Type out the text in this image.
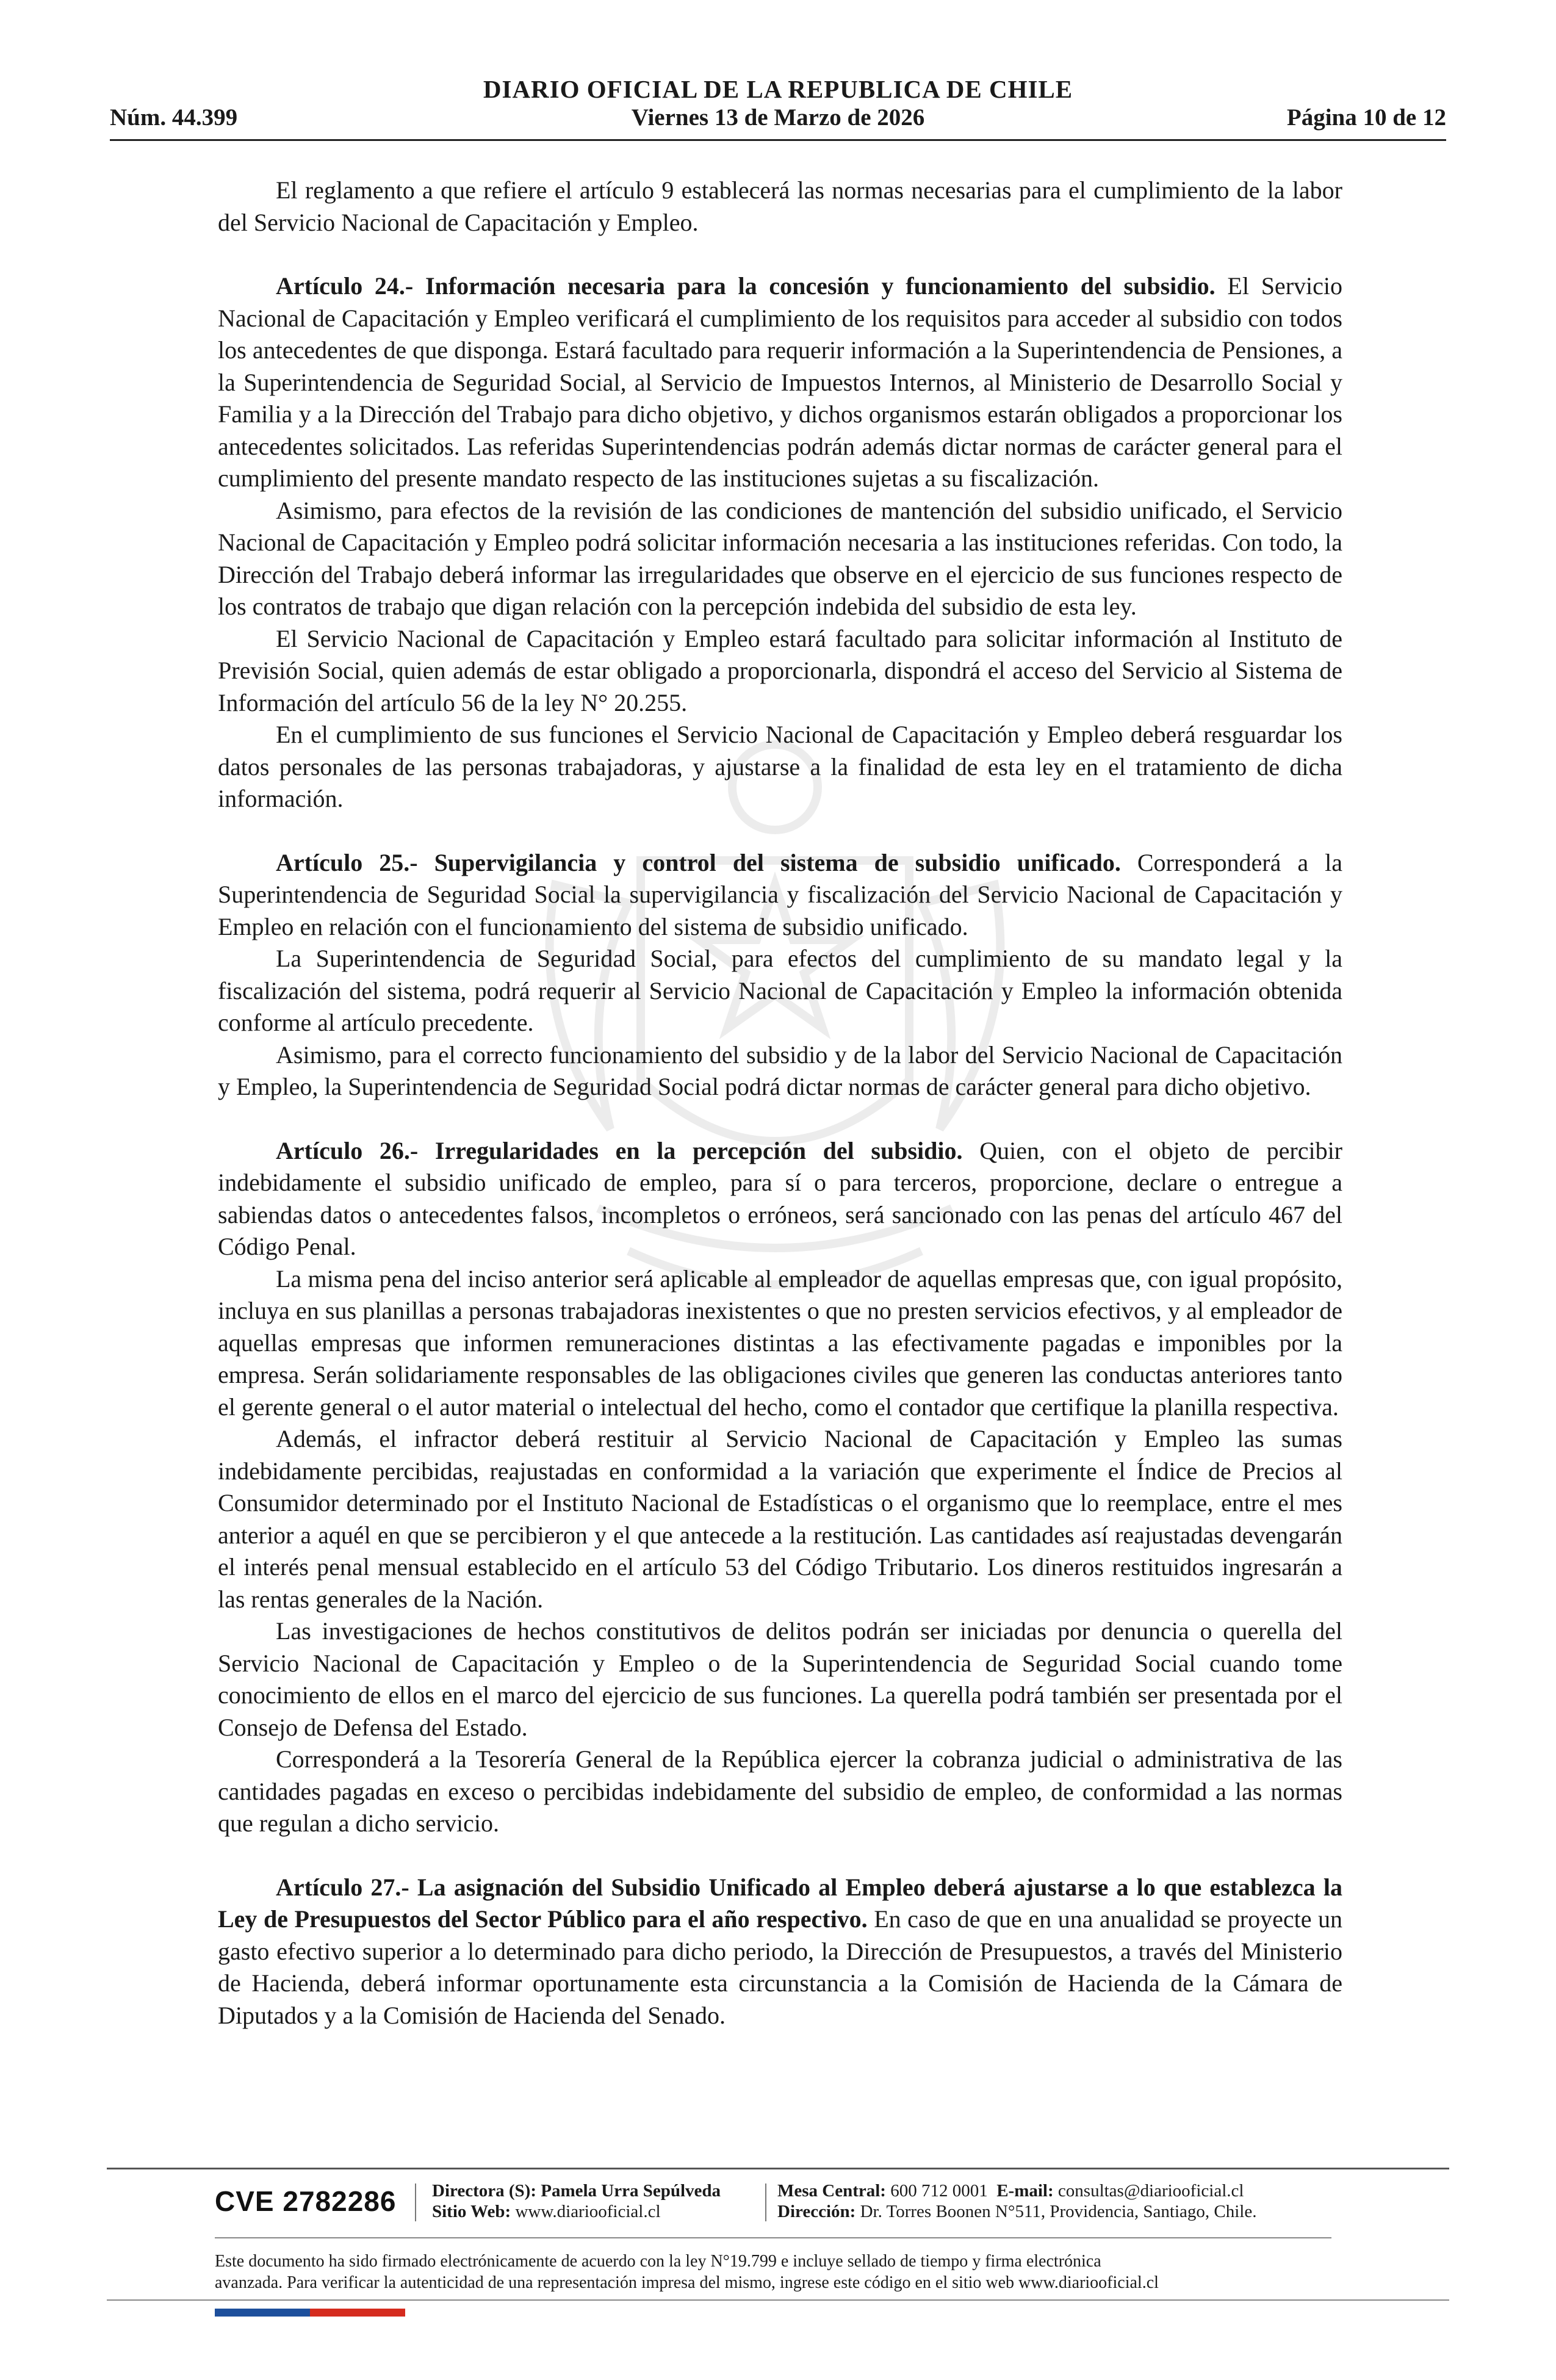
DIARIO OFICIAL DE LA REPUBLICA DE CHILE
Viernes 13 de Marzo de 2026
Núm. 44.399	Página 10 de 12

El reglamento a que refiere el artículo 9 establecerá las normas necesarias para el cumplimiento de la labor del Servicio Nacional de Capacitación y Empleo.

Artículo 24.- Información necesaria para la concesión y funcionamiento del subsidio. El Servicio Nacional de Capacitación y Empleo verificará el cumplimiento de los requisitos para acceder al subsidio con todos los antecedentes de que disponga. Estará facultado para requerir información a la Superintendencia de Pensiones, a la Superintendencia de Seguridad Social, al Servicio de Impuestos Internos, al Ministerio de Desarrollo Social y Familia y a la Dirección del Trabajo para dicho objetivo, y dichos organismos estarán obligados a proporcionar los antecedentes solicitados. Las referidas Superintendencias podrán además dictar normas de carácter general para el cumplimiento del presente mandato respecto de las instituciones sujetas a su fiscalización.

Asimismo, para efectos de la revisión de las condiciones de mantención del subsidio unificado, el Servicio Nacional de Capacitación y Empleo podrá solicitar información necesaria a las instituciones referidas. Con todo, la Dirección del Trabajo deberá informar las irregularidades que observe en el ejercicio de sus funciones respecto de los contratos de trabajo que digan relación con la percepción indebida del subsidio de esta ley.

El Servicio Nacional de Capacitación y Empleo estará facultado para solicitar información al Instituto de Previsión Social, quien además de estar obligado a proporcionarla, dispondrá el acceso del Servicio al Sistema de Información del artículo 56 de la ley N° 20.255.

En el cumplimiento de sus funciones el Servicio Nacional de Capacitación y Empleo deberá resguardar los datos personales de las personas trabajadoras, y ajustarse a la finalidad de esta ley en el tratamiento de dicha información.

Artículo 25.- Supervigilancia y control del sistema de subsidio unificado. Corresponderá a la Superintendencia de Seguridad Social la supervigilancia y fiscalización del Servicio Nacional de Capacitación y Empleo en relación con el funcionamiento del sistema de subsidio unificado.

La Superintendencia de Seguridad Social, para efectos del cumplimiento de su mandato legal y la fiscalización del sistema, podrá requerir al Servicio Nacional de Capacitación y Empleo la información obtenida conforme al artículo precedente.

Asimismo, para el correcto funcionamiento del subsidio y de la labor del Servicio Nacional de Capacitación y Empleo, la Superintendencia de Seguridad Social podrá dictar normas de carácter general para dicho objetivo.

Artículo 26.- Irregularidades en la percepción del subsidio. Quien, con el objeto de percibir indebidamente el subsidio unificado de empleo, para sí o para terceros, proporcione, declare o entregue a sabiendas datos o antecedentes falsos, incompletos o erróneos, será sancionado con las penas del artículo 467 del Código Penal.

La misma pena del inciso anterior será aplicable al empleador de aquellas empresas que, con igual propósito, incluya en sus planillas a personas trabajadoras inexistentes o que no presten servicios efectivos, y al empleador de aquellas empresas que informen remuneraciones distintas a las efectivamente pagadas e imponibles por la empresa. Serán solidariamente responsables de las obligaciones civiles que generen las conductas anteriores tanto el gerente general o el autor material o intelectual del hecho, como el contador que certifique la planilla respectiva.

Además, el infractor deberá restituir al Servicio Nacional de Capacitación y Empleo las sumas indebidamente percibidas, reajustadas en conformidad a la variación que experimente el Índice de Precios al Consumidor determinado por el Instituto Nacional de Estadísticas o el organismo que lo reemplace, entre el mes anterior a aquél en que se percibieron y el que antecede a la restitución. Las cantidades así reajustadas devengarán el interés penal mensual establecido en el artículo 53 del Código Tributario. Los dineros restituidos ingresarán a las rentas generales de la Nación.

Las investigaciones de hechos constitutivos de delitos podrán ser iniciadas por denuncia o querella del Servicio Nacional de Capacitación y Empleo o de la Superintendencia de Seguridad Social cuando tome conocimiento de ellos en el marco del ejercicio de sus funciones. La querella podrá también ser presentada por el Consejo de Defensa del Estado.

Corresponderá a la Tesorería General de la República ejercer la cobranza judicial o administrativa de las cantidades pagadas en exceso o percibidas indebidamente del subsidio de empleo, de conformidad a las normas que regulan a dicho servicio.

Artículo 27.- La asignación del Subsidio Unificado al Empleo deberá ajustarse a lo que establezca la Ley de Presupuestos del Sector Público para el año respectivo. En caso de que en una anualidad se proyecte un gasto efectivo superior a lo determinado para dicho periodo, la Dirección de Presupuestos, a través del Ministerio de Hacienda, deberá informar oportunamente esta circunstancia a la Comisión de Hacienda de la Cámara de Diputados y a la Comisión de Hacienda del Senado.

CVE 2782286 Directora (S): Pamela Urra Sepúlveda
Sitio Web: www.diariooficial.cl
Mesa Central: 600 712 0001 E-mail: consultas@diariooficial.cl
Dirección: Dr. Torres Boonen N°511, Providencia, Santiago, Chile.
Este documento ha sido firmado electrónicamente de acuerdo con la ley N°19.799 e incluye sellado de tiempo y firma electrónica
avanzada. Para verificar la autenticidad de una representación impresa del mismo, ingrese este código en el sitio web www.diariooficial.cl
